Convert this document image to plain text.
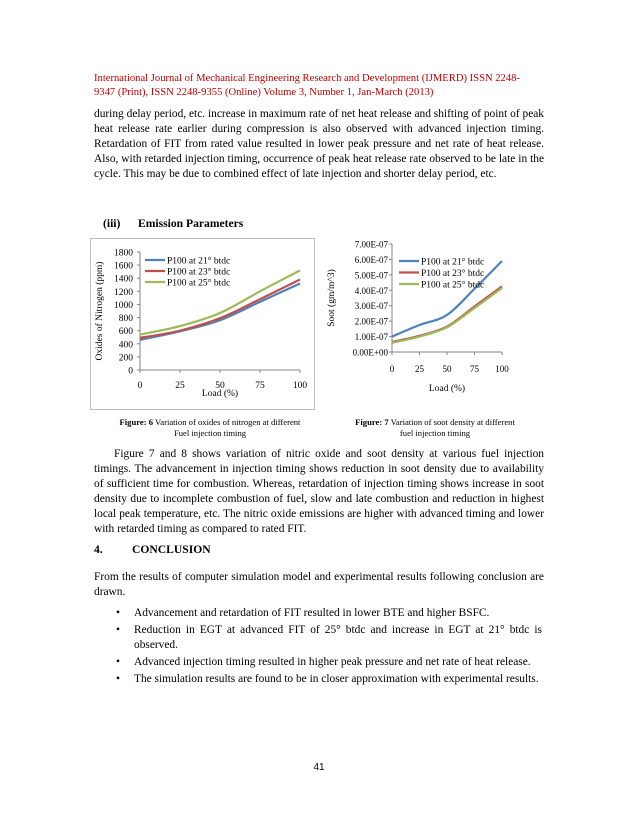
International Journal of Mechanical Engineering Research and Development (IJMERD) ISSN 2248-
9347 (Print), ISSN 2248-9355 (Online) Volume 3, Number 1, Jan-March (2013)
during delay period, etc. increase in maximum rate of net heat release and shifting of point of peak heat release rate earlier during compression is also observed with advanced injection timing. Retardation of FIT from rated value resulted in lower peak pressure and net rate of heat release. Also, with retarded injection timing, occurrence of peak heat release rate observed to be late in the cycle. This may be due to combined effect of late injection and shorter delay period, etc.
(iii) Emission Parameters
0
200
400
600
800
1000
1200
1400
1600
1800
0	25	50	75	100
Load (%)
Oxides of Nitrogen (ppm)
P100 at 21° btdc
P100 at 23° btdc
P100 at 25° btdc
0.00E+00
1.00E-07
2.00E-07
3.00E-07
4.00E-07
5.00E-07
6.00E-07
7.00E-07
0 25 50 75 100
Load (%)
Soot (gm/m^3)
P100 at 21° btdc
P100 at 23° btdc
P100 at 25° btdc
Figure: 6 Variation of oxides of nitrogen at different
Fuel injection timing
Figure: 7 Variation of soot density at different
fuel injection timing
Figure 7 and 8 shows variation of nitric oxide and soot density at various fuel injection timings. The advancement in injection timing shows reduction in soot density due to availability of sufficient time for combustion. Whereas, retardation of injection timing shows increase in soot density due to incomplete combustion of fuel, slow and late combustion and reduction in highest local peak temperature, etc. The nitric oxide emissions are higher with advanced timing and lower with retarded timing as compared to rated FIT.
4.	CONCLUSION
From the results of computer simulation model and experimental results following conclusion are drawn.
• Advancement and retardation of FIT resulted in lower BTE and higher BSFC.
• Reduction in EGT at advanced FIT of 25° btdc and increase in EGT at 21° btdc is observed.
• Advanced injection timing resulted in higher peak pressure and net rate of heat release.
• The simulation results are found to be in closer approximation with experimental results.
41
